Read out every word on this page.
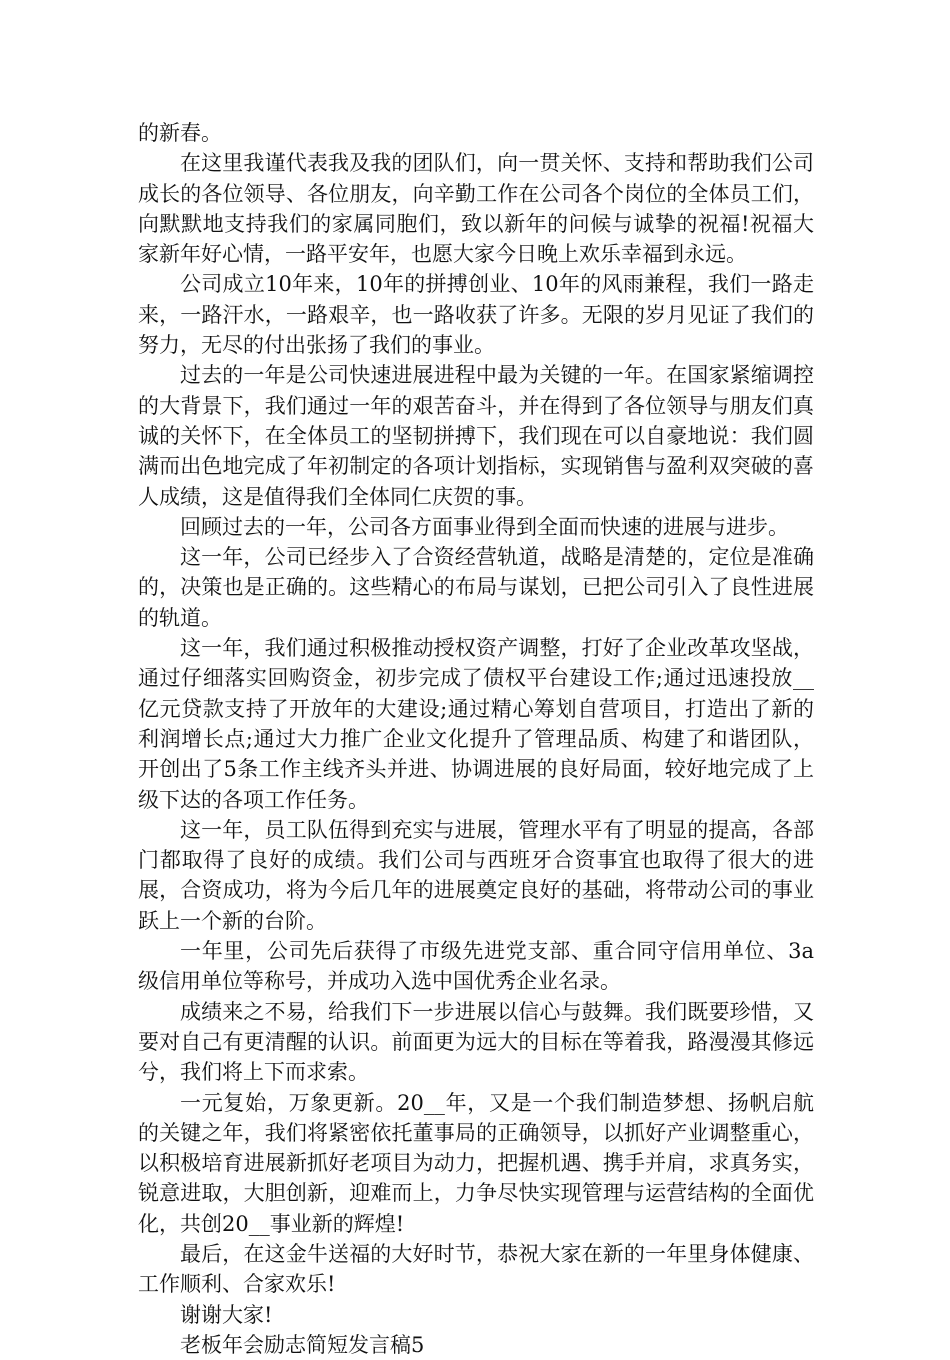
的新春。

在这里我谨代表我及我的团队们，向一贯关怀、支持和帮助我们公司成长的各位领导、各位朋友，向辛勤工作在公司各个岗位的全体员工们，向默默地支持我们的家属同胞们，致以新年的问候与诚挚的祝福!祝福大家新年好心情，一路平安年，也愿大家今日晚上欢乐幸福到永远。

公司成立10年来，10年的拼搏创业、10年的风雨兼程，我们一路走来，一路汗水，一路艰辛，也一路收获了许多。无限的岁月见证了我们的努力，无尽的付出张扬了我们的事业。

过去的一年是公司快速进展进程中最为关键的一年。在国家紧缩调控的大背景下，我们通过一年的艰苦奋斗，并在得到了各位领导与朋友们真诚的关怀下，在全体员工的坚韧拼搏下，我们现在可以自豪地说：我们圆满而出色地完成了年初制定的各项计划指标，实现销售与盈利双突破的喜人成绩，这是值得我们全体同仁庆贺的事。

回顾过去的一年，公司各方面事业得到全面而快速的进展与进步。

这一年，公司已经步入了合资经营轨道，战略是清楚的，定位是准确的，决策也是正确的。这些精心的布局与谋划，已把公司引入了良性进展的轨道。

这一年，我们通过积极推动授权资产调整，打好了企业改革攻坚战，通过仔细落实回购资金，初步完成了债权平台建设工作;通过迅速投放__亿元贷款支持了开放年的大建设;通过精心筹划自营项目，打造出了新的利润增长点;通过大力推广企业文化提升了管理品质、构建了和谐团队，开创出了5条工作主线齐头并进、协调进展的良好局面，较好地完成了上级下达的各项工作任务。

这一年，员工队伍得到充实与进展，管理水平有了明显的提高，各部门都取得了良好的成绩。我们公司与西班牙合资事宜也取得了很大的进展，合资成功，将为今后几年的进展奠定良好的基础，将带动公司的事业跃上一个新的台阶。

一年里，公司先后获得了市级先进党支部、重合同守信用单位、3a级信用单位等称号，并成功入选中国优秀企业名录。

成绩来之不易，给我们下一步进展以信心与鼓舞。我们既要珍惜，又要对自己有更清醒的认识。前面更为远大的目标在等着我，路漫漫其修远兮，我们将上下而求索。

一元复始，万象更新。20__年，又是一个我们制造梦想、扬帆启航的关键之年，我们将紧密依托董事局的正确领导，以抓好产业调整重心，以积极培育进展新抓好老项目为动力，把握机遇、携手并肩，求真务实，锐意进取，大胆创新，迎难而上，力争尽快实现管理与运营结构的全面优化，共创20__事业新的辉煌!

最后，在这金牛送福的大好时节，恭祝大家在新的一年里身体健康、工作顺利、合家欢乐!

谢谢大家!

老板年会励志简短发言稿5
